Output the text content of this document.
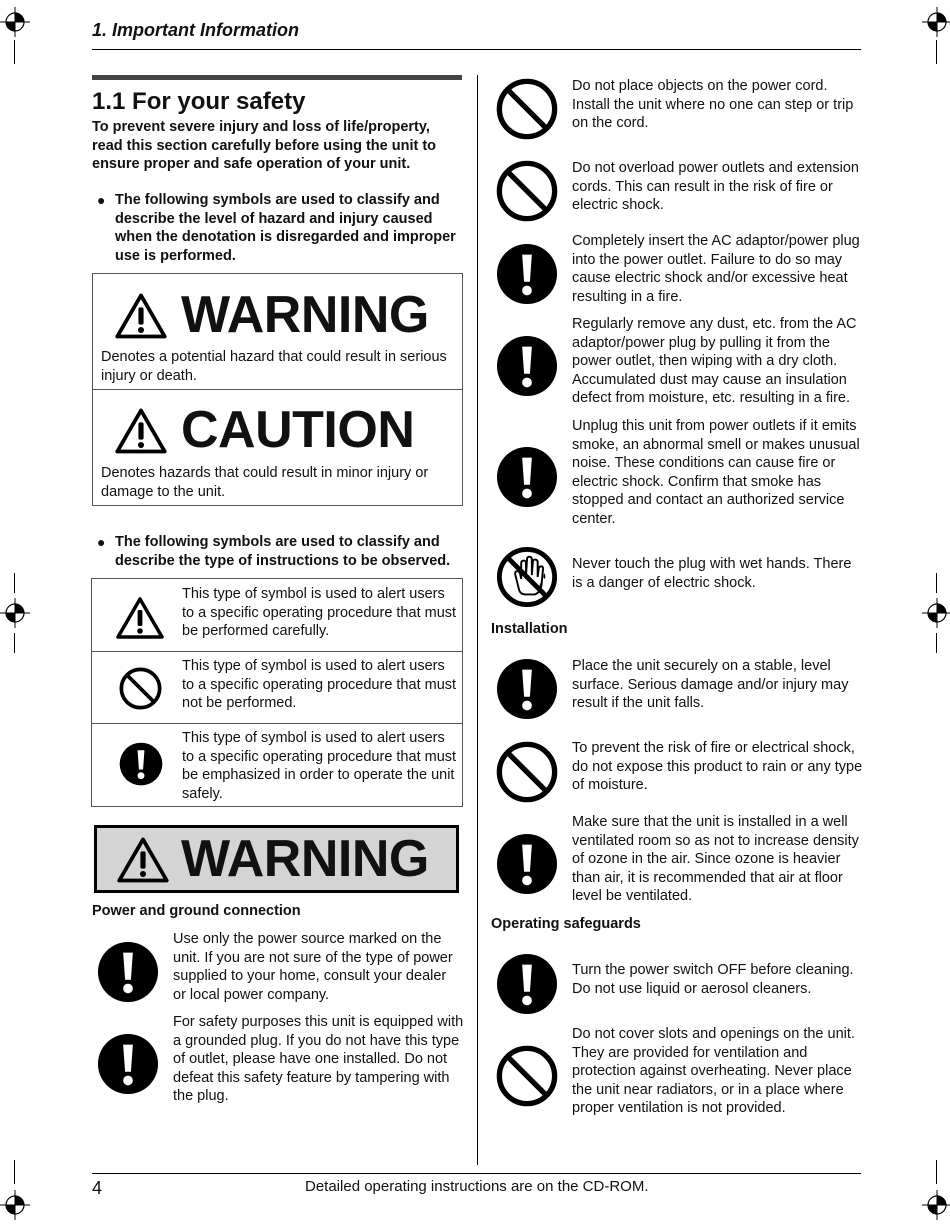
1. Important Information
1.1 For your safety
To prevent severe injury and loss of life/property, read this section carefully before using the unit to ensure proper and safe operation of your unit.
● The following symbols are used to classify and describe the level of hazard and injury caused when the denotation is disregarded and improper use is performed.
WARNING
Denotes a potential hazard that could result in serious injury or death.
CAUTION
Denotes hazards that could result in minor injury or damage to the unit.
● The following symbols are used to classify and describe the type of instructions to be observed.
This type of symbol is used to alert users to a specific operating procedure that must be performed carefully.
This type of symbol is used to alert users to a specific operating procedure that must not be performed.
This type of symbol is used to alert users to a specific operating procedure that must be emphasized in order to operate the unit safely.
WARNING
Power and ground connection
Use only the power source marked on the unit. If you are not sure of the type of power supplied to your home, consult your dealer or local power company.
For safety purposes this unit is equipped with a grounded plug. If you do not have this type of outlet, please have one installed. Do not defeat this safety feature by tampering with the plug.
Do not place objects on the power cord. Install the unit where no one can step or trip on the cord.
Do not overload power outlets and extension cords. This can result in the risk of fire or electric shock.
Completely insert the AC adaptor/power plug into the power outlet. Failure to do so may cause electric shock and/or excessive heat resulting in a fire.
Regularly remove any dust, etc. from the AC adaptor/power plug by pulling it from the power outlet, then wiping with a dry cloth. Accumulated dust may cause an insulation defect from moisture, etc. resulting in a fire.
Unplug this unit from power outlets if it emits smoke, an abnormal smell or makes unusual noise. These conditions can cause fire or electric shock. Confirm that smoke has stopped and contact an authorized service center.
Never touch the plug with wet hands. There is a danger of electric shock.
Installation
Place the unit securely on a stable, level surface. Serious damage and/or injury may result if the unit falls.
To prevent the risk of fire or electrical shock, do not expose this product to rain or any type of moisture.
Make sure that the unit is installed in a well ventilated room so as not to increase density of ozone in the air. Since ozone is heavier than air, it is recommended that air at floor level be ventilated.
Operating safeguards
Turn the power switch OFF before cleaning. Do not use liquid or aerosol cleaners.
Do not cover slots and openings on the unit. They are provided for ventilation and protection against overheating. Never place the unit near radiators, or in a place where proper ventilation is not provided.
4	Detailed operating instructions are on the CD-ROM.
